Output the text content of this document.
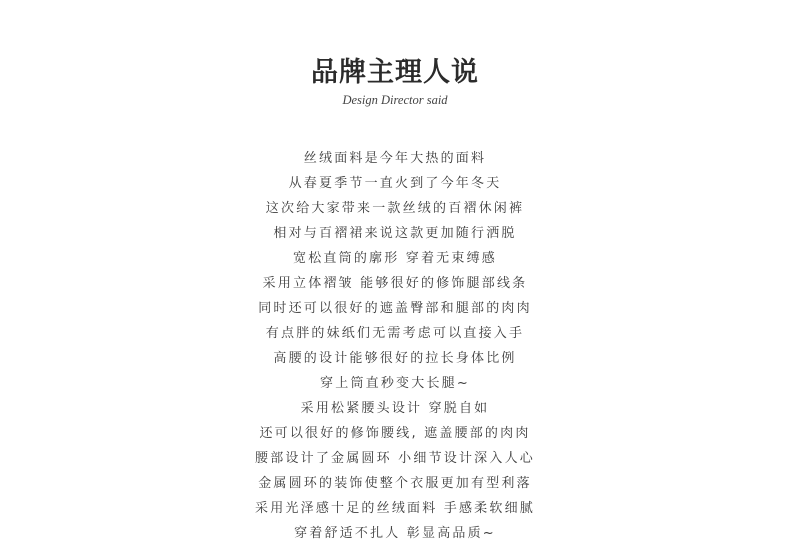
品牌主理人说
Design Director said
丝绒面料是今年大热的面料
从春夏季节一直火到了今年冬天
这次给大家带来一款丝绒的百褶休闲裤
相对与百褶裙来说这款更加随行洒脱
宽松直筒的廓形 穿着无束缚感
采用立体褶皱 能够很好的修饰腿部线条
同时还可以很好的遮盖臀部和腿部的肉肉
有点胖的妹纸们无需考虑可以直接入手
高腰的设计能够很好的拉长身体比例
穿上筒直秒变大长腿~
采用松紧腰头设计 穿脱自如
还可以很好的修饰腰线, 遮盖腰部的肉肉
腰部设计了金属圆环 小细节设计深入人心
金属圆环的装饰使整个衣服更加有型利落
采用光泽感十足的丝绒面料 手感柔软细腻
穿着舒适不扎人 彰显高品质~
